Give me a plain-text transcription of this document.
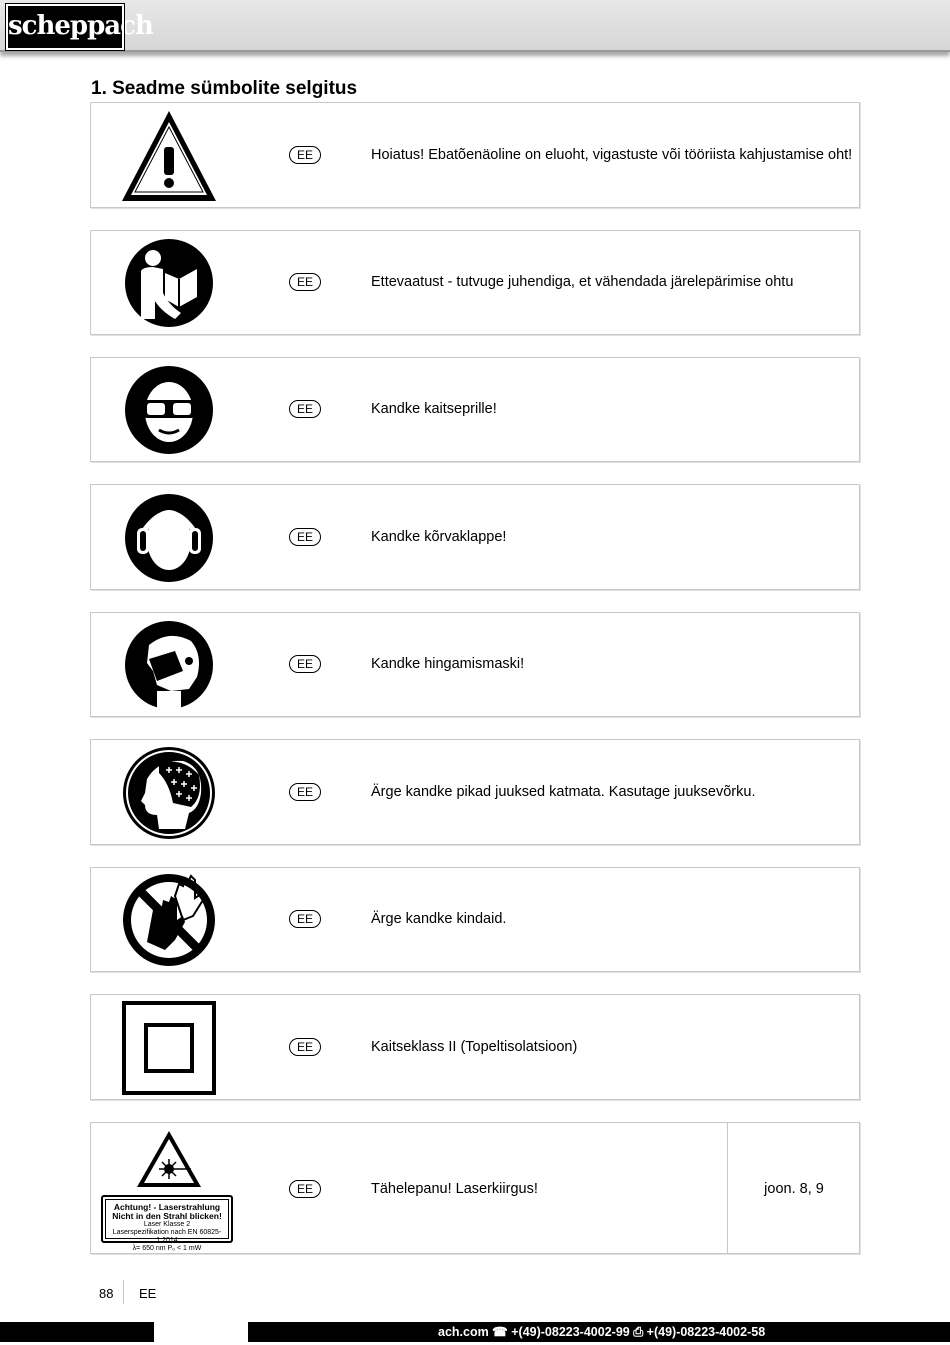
scheppach
1. Seadme sümbolite selgitus
EE	Hoiatus! Ebatõenäoline on eluoht, vigastuste või tööriista kahjustamise oht!
EE	Ettevaatust - tutvuge juhendiga, et vähendada järelepärimise ohtu
EE	Kandke kaitseprille!
EE	Kandke kõrvaklappe!
EE	Kandke hingamismaski!
EE	Ärge kandke pikad juuksed katmata. Kasutage juuksevõrku.
EE	Ärge kandke kindaid.
EE	Kaitseklass II (Topeltisolatsioon)
Achtung! - Laserstrahlung
Nicht in den Strahl blicken!
Laser Klasse 2
Laserspezifikation nach EN 60825-1:2014
λ= 650 nm P₀ < 1 mW
EE	Tähelepanu! Laserkiirgus!	joon. 8, 9
88 EE
ach.com ☎ +(49)-08223-4002-99 ⎙ +(49)-08223-4002-58
